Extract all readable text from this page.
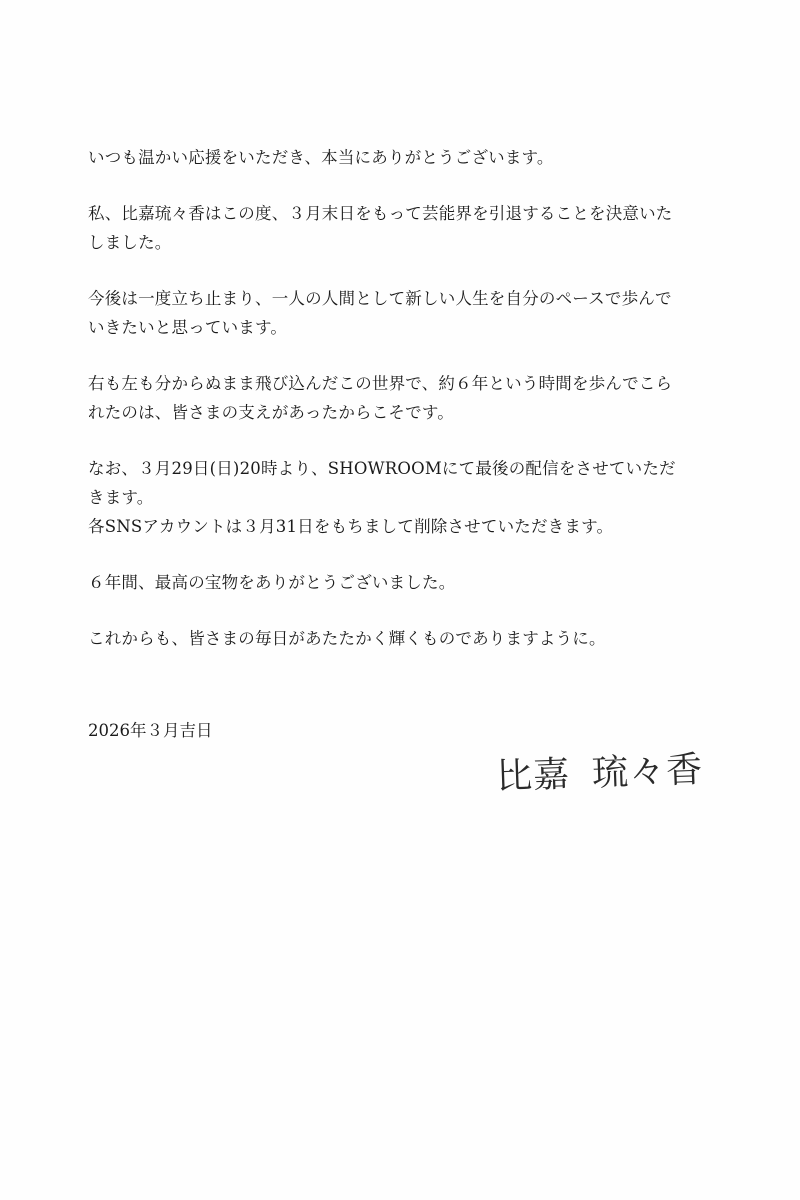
いつも温かい応援をいただき、本当にありがとうございます。

私、比嘉琉々香はこの度、３月末日をもって芸能界を引退することを決意いた
しました。

今後は一度立ち止まり、一人の人間として新しい人生を自分のペースで歩んで
いきたいと思っています。

右も左も分からぬまま飛び込んだこの世界で、約６年という時間を歩んでこら
れたのは、皆さまの支えがあったからこそです。

なお、３月29日(日)20時より、SHOWROOMにて最後の配信をさせていただ
きます。
各SNSアカウントは３月31日をもちまして削除させていただきます。

６年間、最高の宝物をありがとうございました。

これからも、皆さまの毎日があたたかく輝くものでありますように。

2026年３月吉日
比嘉 琉々香
